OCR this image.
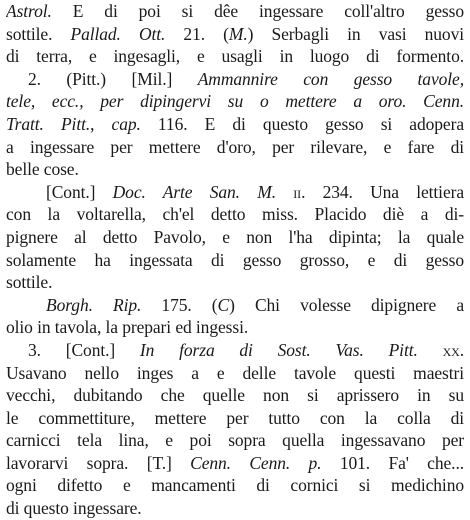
Astrol. E di poi si dêe ingessare coll'altro gesso
sottile. Pallad. Ott. 21. (M.) Serbagli in vasi nuovi
di terra, e ingesagli, e usagli in luogo di formento.
2. (Pitt.) [Mil.] Ammannire con gesso tavole,
tele, ecc., per dipingervi su o mettere a oro. Cenn.
Tratt. Pitt., cap. 116. E di questo gesso si adopera
a ingessare per mettere d'oro, per rilevare, e fare di
belle cose.
[Cont.] Doc. Arte San. M. ii. 234. Una lettiera
con la voltarella, ch'el detto miss. Placido diè a di-
pignere al detto Pavolo, e non l'ha dipinta; la quale
solamente ha ingessata di gesso grosso, e di gesso
sottile.
Borgh. Rip. 175. (C) Chi volesse dipignere a
olio in tavola, la prepari ed ingessi.
3. [Cont.] In forza di Sost. Vas. Pitt. xx.
Usavano nello inges a e delle tavole questi maestri
vecchi, dubitando che quelle non si aprissero in su
le commettiture, mettere per tutto con la colla di
carnicci tela lina, e poi sopra quella ingessavano per
lavorarvi sopra. [T.] Cenn. Cenn. p. 101. Fa' che...
ogni difetto e mancamenti di cornici si medichino
di questo ingessare.
